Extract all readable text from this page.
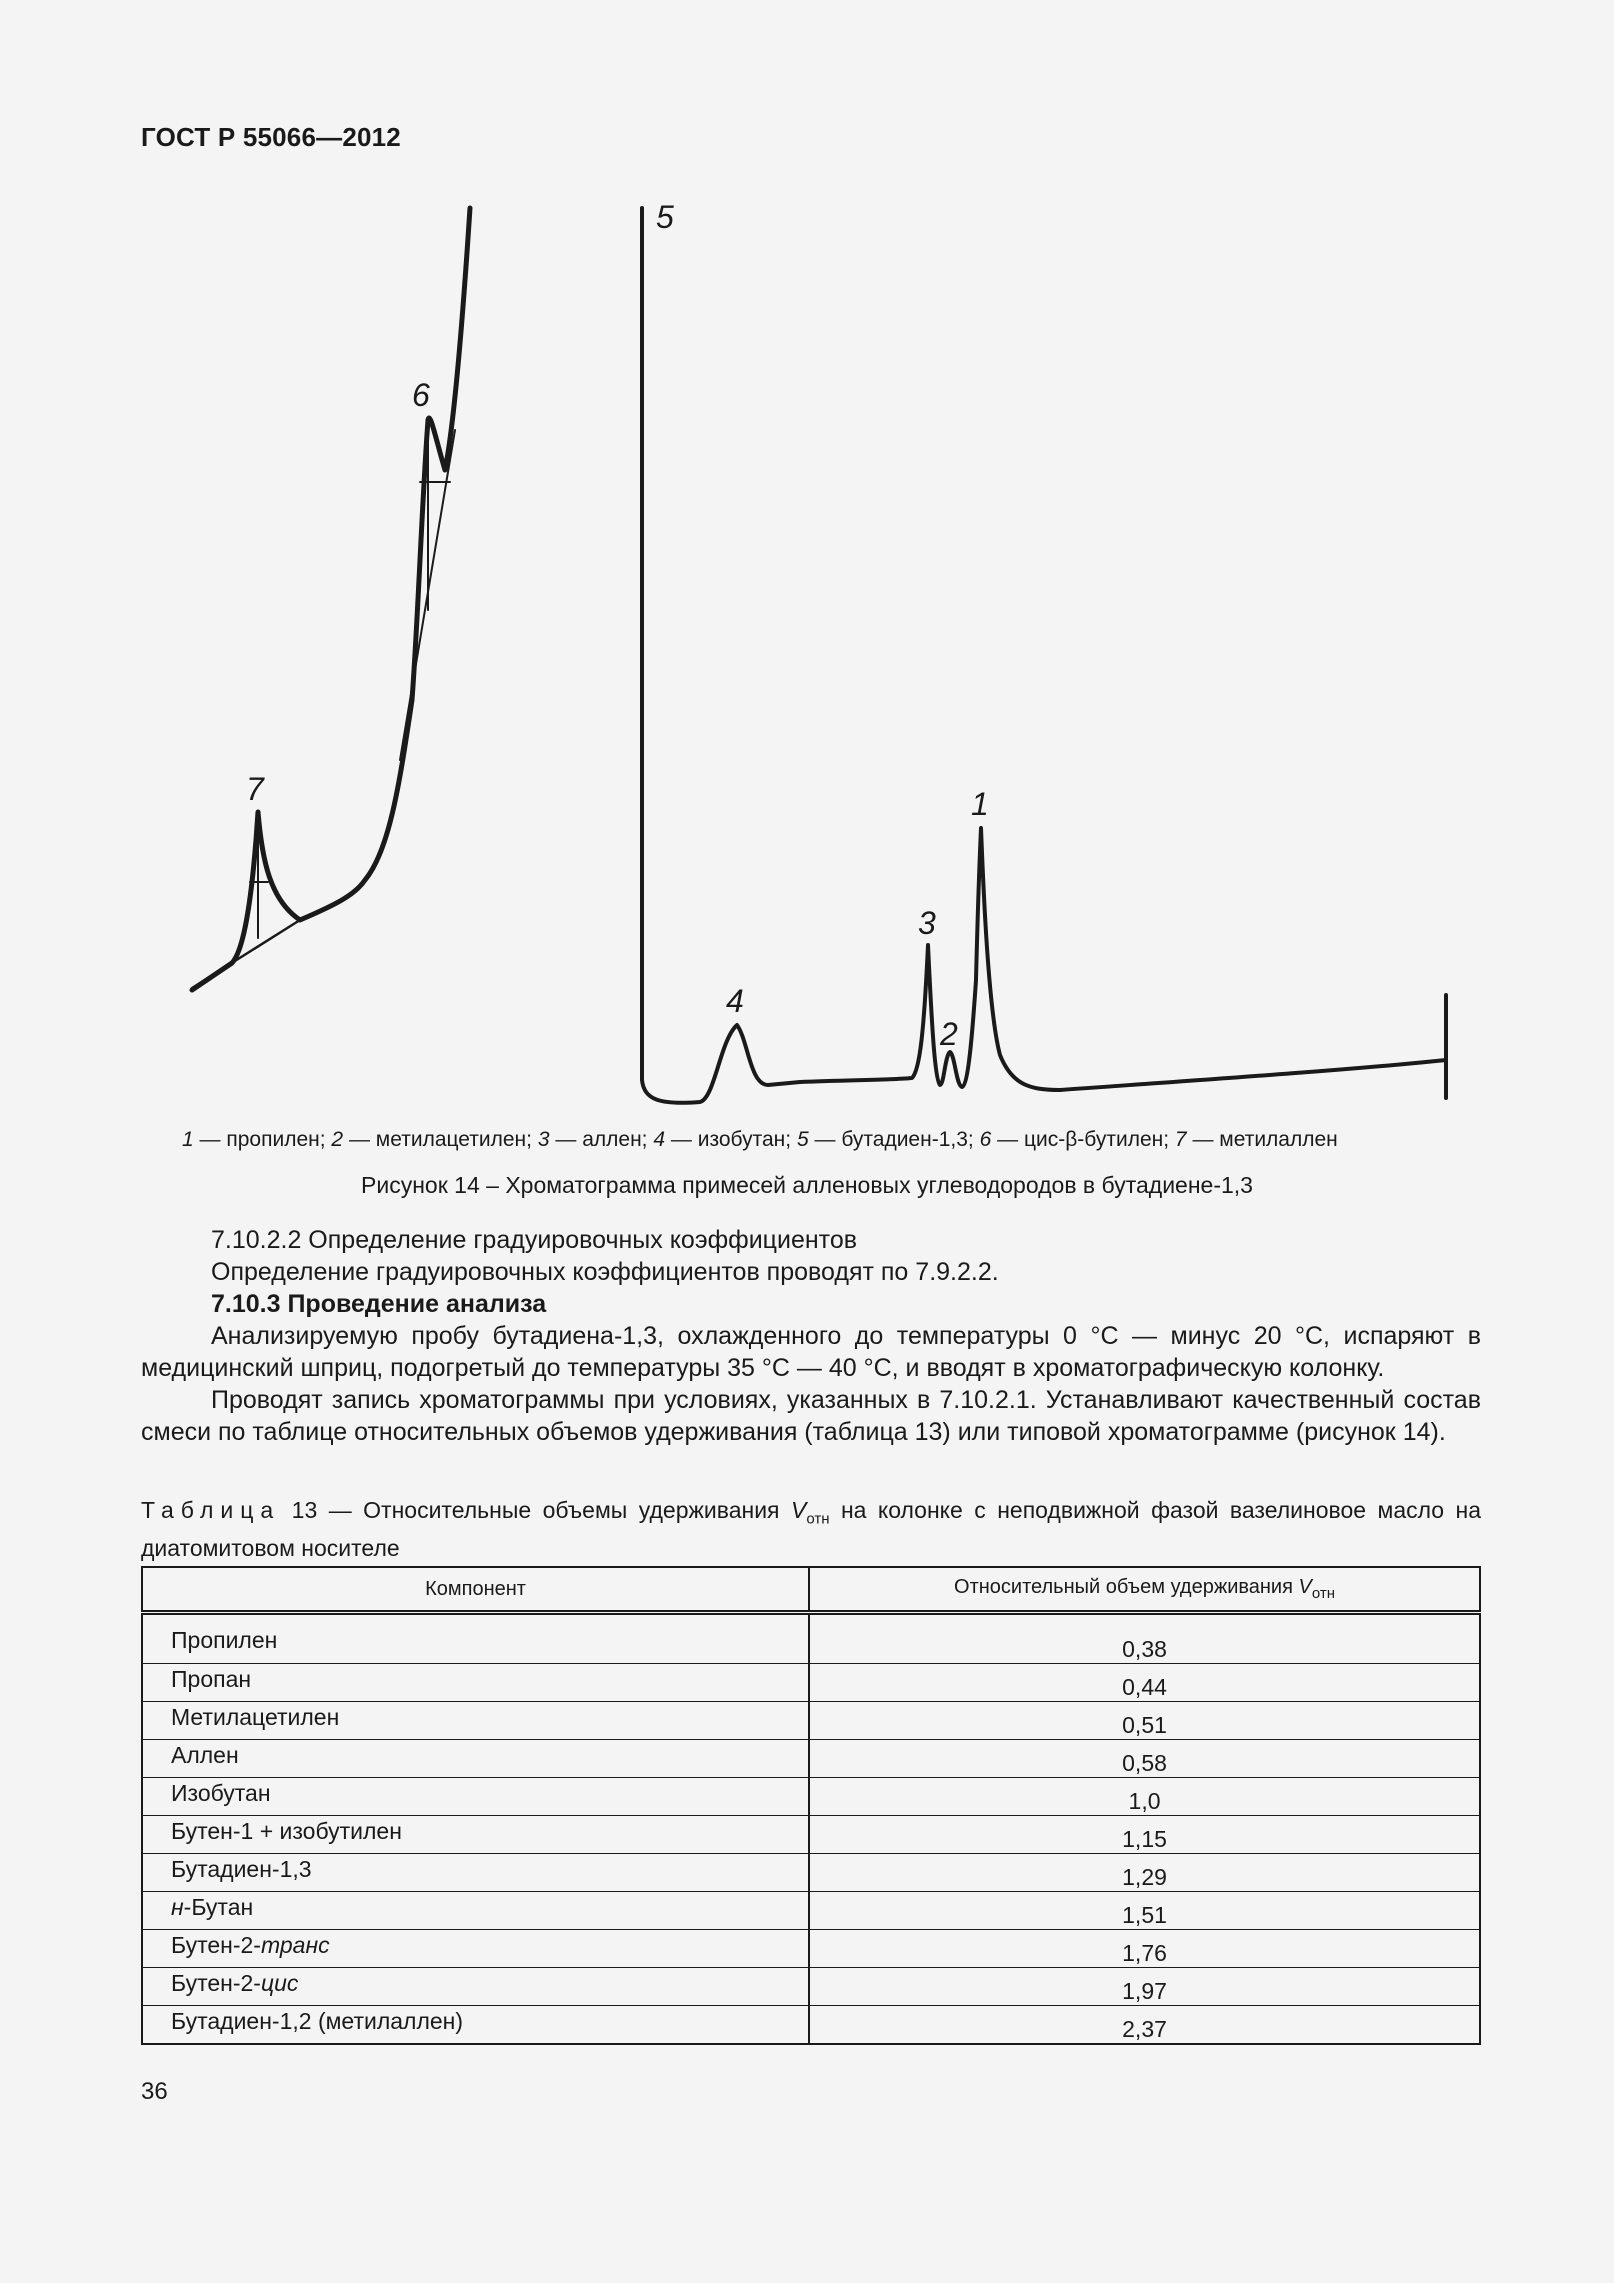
ГОСТ Р 55066—2012
5
6
7	1
3
2
4
1 — пропилен; 2 — метилацетилен; 3 — аллен; 4 — изобутан; 5 — бутадиен-1,3; 6 — цис-β-бутилен; 7 — метилаллен
Рисунок 14 – Хроматограмма примесей алленовых углеводородов в бутадиене-1,3
7.10.2.2 Определение градуировочных коэффициентов
Определение градуировочных коэффициентов проводят по 7.9.2.2.
7.10.3 Проведение анализа
Анализируемую пробу бутадиена-1,3, охлажденного до температуры 0 °С — минус 20 °С, испаряют в медицинский шприц, подогретый до температуры 35 °С — 40 °С, и вводят в хроматографическую колонку.
Проводят запись хроматограммы при условиях, указанных в 7.10.2.1. Устанавливают качественный состав смеси по таблице относительных объемов удерживания (таблица 13) или типовой хроматограмме (рисунок 14).
Таблица 13 — Относительные объемы удерживания $V_{отн}$ на колонке с неподвижной фазой вазелиновое масло на диатомитовом носителе
Компонент	Относительный объем удерживания $V_{отн}$
Пропилен	0,38
Пропан	0,44
Метилацетилен	0,51
Аллен	0,58
Изобутан	1,0
Бутен-1 + изобутилен	1,15
Бутадиен-1,3	1,29
н-Бутан	1,51
Бутен-2-транс	1,76
Бутен-2-цис	1,97
Бутадиен-1,2 (метилаллен)	2,37
36
